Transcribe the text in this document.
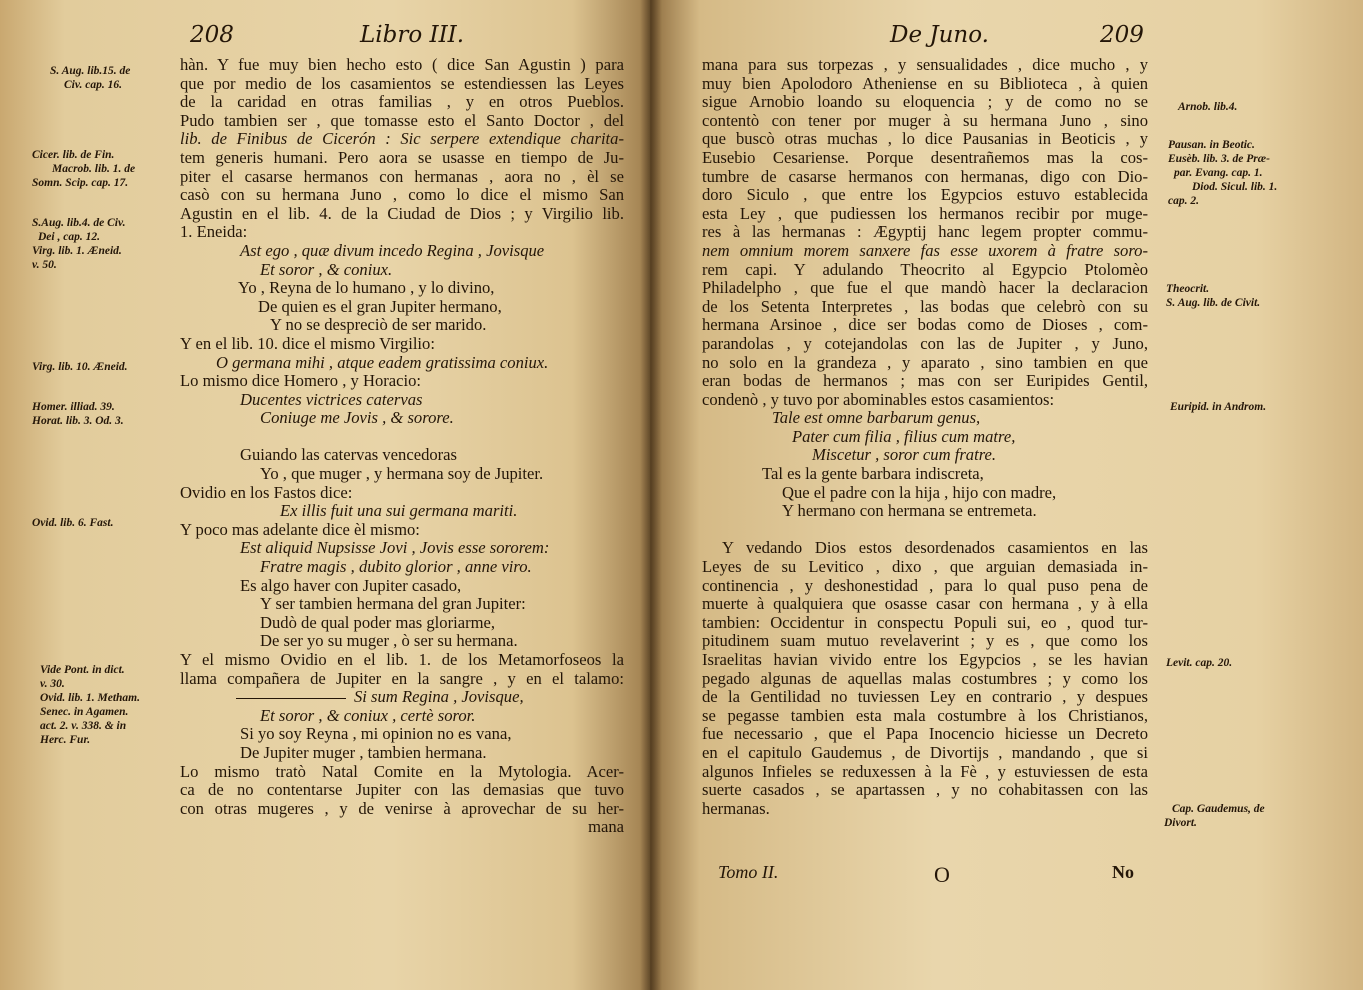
208	Libro III.
S. Aug. lib.15. de
Civ. cap. 16.
Cicer. lib. de Fin.
Macrob. lib. 1. de
Somn. Scip. cap. 17.
S.Aug. lib.4. de Civ.
Dei , cap. 12.
Virg. lib. 1. Æneid.
v. 50.
Virg. lib. 10. Æneid.
Homer. illiad. 39.
Horat. lib. 3. Od. 3.
Ovid. lib. 6. Fast.
Vide Pont. in dict.
v. 30.
Ovid. lib. 1. Metham.
Senec. in Agamen.
act. 2. v. 338. & in
Herc. Fur.
hàn. Y fue muy bien hecho esto ( dice San Agustin ) para
que por medio de los casamientos se estendiessen las Leyes
de la caridad en otras familias , y en otros Pueblos.
Pudo tambien ser , que tomasse esto el Santo Doctor , del
lib. de Finibus de Cicerón : Sic serpere extendique charita-
tem generis humani. Pero aora se usasse en tiempo de Ju-
piter el casarse hermanos con hermanas , aora no , èl se
casò con su hermana Juno , como lo dice el mismo San
Agustin en el lib. 4. de la Ciudad de Dios ; y Virgilio lib.
1. Eneida:
Ast ego , quæ divum incedo Regina , Jovisque
Et soror , & coniux.
Yo , Reyna de lo humano , y lo divino,
De quien es el gran Jupiter hermano,
Y no se despreciò de ser marido.
Y en el lib. 10. dice el mismo Virgilio:
O germana mihi , atque eadem gratissima coniux.
Lo mismo dice Homero , y Horacio:
Ducentes victrices catervas
Coniuge me Jovis , & sorore.
Guiando las catervas vencedoras
Yo , que muger , y hermana soy de Jupiter.
Ovidio en los Fastos dice:
Ex illis fuit una sui germana mariti.
Y poco mas adelante dice èl mismo:
Est aliquid Nupsisse Jovi , Jovis esse sororem:
Fratre magis , dubito glorior , anne viro.
Es algo haver con Jupiter casado,
Y ser tambien hermana del gran Jupiter:
Dudò de qual poder mas gloriarme,
De ser yo su muger , ò ser su hermana.
Y el mismo Ovidio en el lib. 1. de los Metamorfoseos la
llama compañera de Jupiter en la sangre , y en el talamo:
Si sum Regina , Jovisque,
Et soror , & coniux , certè soror.
Si yo soy Reyna , mi opinion no es vana,
De Jupiter muger , tambien hermana.
Lo mismo tratò Natal Comite en la Mytologia. Acer-
ca de no contentarse Jupiter con las demasias que tuvo
con otras mugeres , y de venirse à aprovechar de su her-
mana
De Juno.	209
mana para sus torpezas , y sensualidades , dice mucho , y
muy bien Apolodoro Atheniense en su Biblioteca , à quien
sigue Arnobio loando su eloquencia ; y de como no se
contentò con tener por muger à su hermana Juno , sino
que buscò otras muchas , lo dice Pausanias in Beoticis , y
Eusebio Cesariense. Porque desentrañemos mas la cos-
tumbre de casarse hermanos con hermanas, digo con Dio-
doro Siculo , que entre los Egypcios estuvo establecida
esta Ley , que pudiessen los hermanos recibir por muge-
res à las hermanas : Ægyptij hanc legem propter commu-
nem omnium morem sanxere fas esse uxorem à fratre soro-
rem capi. Y adulando Theocrito al Egypcio Ptolomèo
Philadelpho , que fue el que mandò hacer la declaracion
de los Setenta Interpretes , las bodas que celebrò con su
hermana Arsinoe , dice ser bodas como de Dioses , com-
parandolas , y cotejandolas con las de Jupiter , y Juno,
no solo en la grandeza , y aparato , sino tambien en que
eran bodas de hermanos ; mas con ser Euripides Gentil,
condenò , y tuvo por abominables estos casamientos:
Tale est omne barbarum genus,
Pater cum filia , filius cum matre,
Miscetur , soror cum fratre.
Tal es la gente barbara indiscreta,
Que el padre con la hija , hijo con madre,
Y hermano con hermana se entremeta.
Y vedando Dios estos desordenados casamientos en las
Leyes de su Levitico , dixo , que arguian demasiada in-
continencia , y deshonestidad , para lo qual puso pena de
muerte à qualquiera que osasse casar con hermana , y à ella
tambien: Occidentur in conspectu Populi sui, eo , quod tur-
pitudinem suam mutuo revelaverint ; y es , que como los
Israelitas havian vivido entre los Egypcios , se les havian
pegado algunas de aquellas malas costumbres ; y como los
de la Gentilidad no tuviessen Ley en contrario , y despues
se pegasse tambien esta mala costumbre à los Christianos,
fue necessario , que el Papa Inocencio hiciesse un Decreto
en el capitulo Gaudemus , de Divortijs , mandando , que si
algunos Infieles se reduxessen à la Fè , y estuviessen de esta
suerte casados , se apartassen , y no cohabitassen con las
hermanas.
Arnob. lib.4.
Pausan. in Beotic.
Eusèb. lib. 3. de Præ-
par. Evang. cap. 1.
Diod. Sicul. lib. 1.
cap. 2.
Theocrit.
S. Aug. lib. de Civit.
Euripid. in Androm.
Levit. cap. 20.
Cap. Gaudemus, de
Divort.
Tomo II.	O	No
